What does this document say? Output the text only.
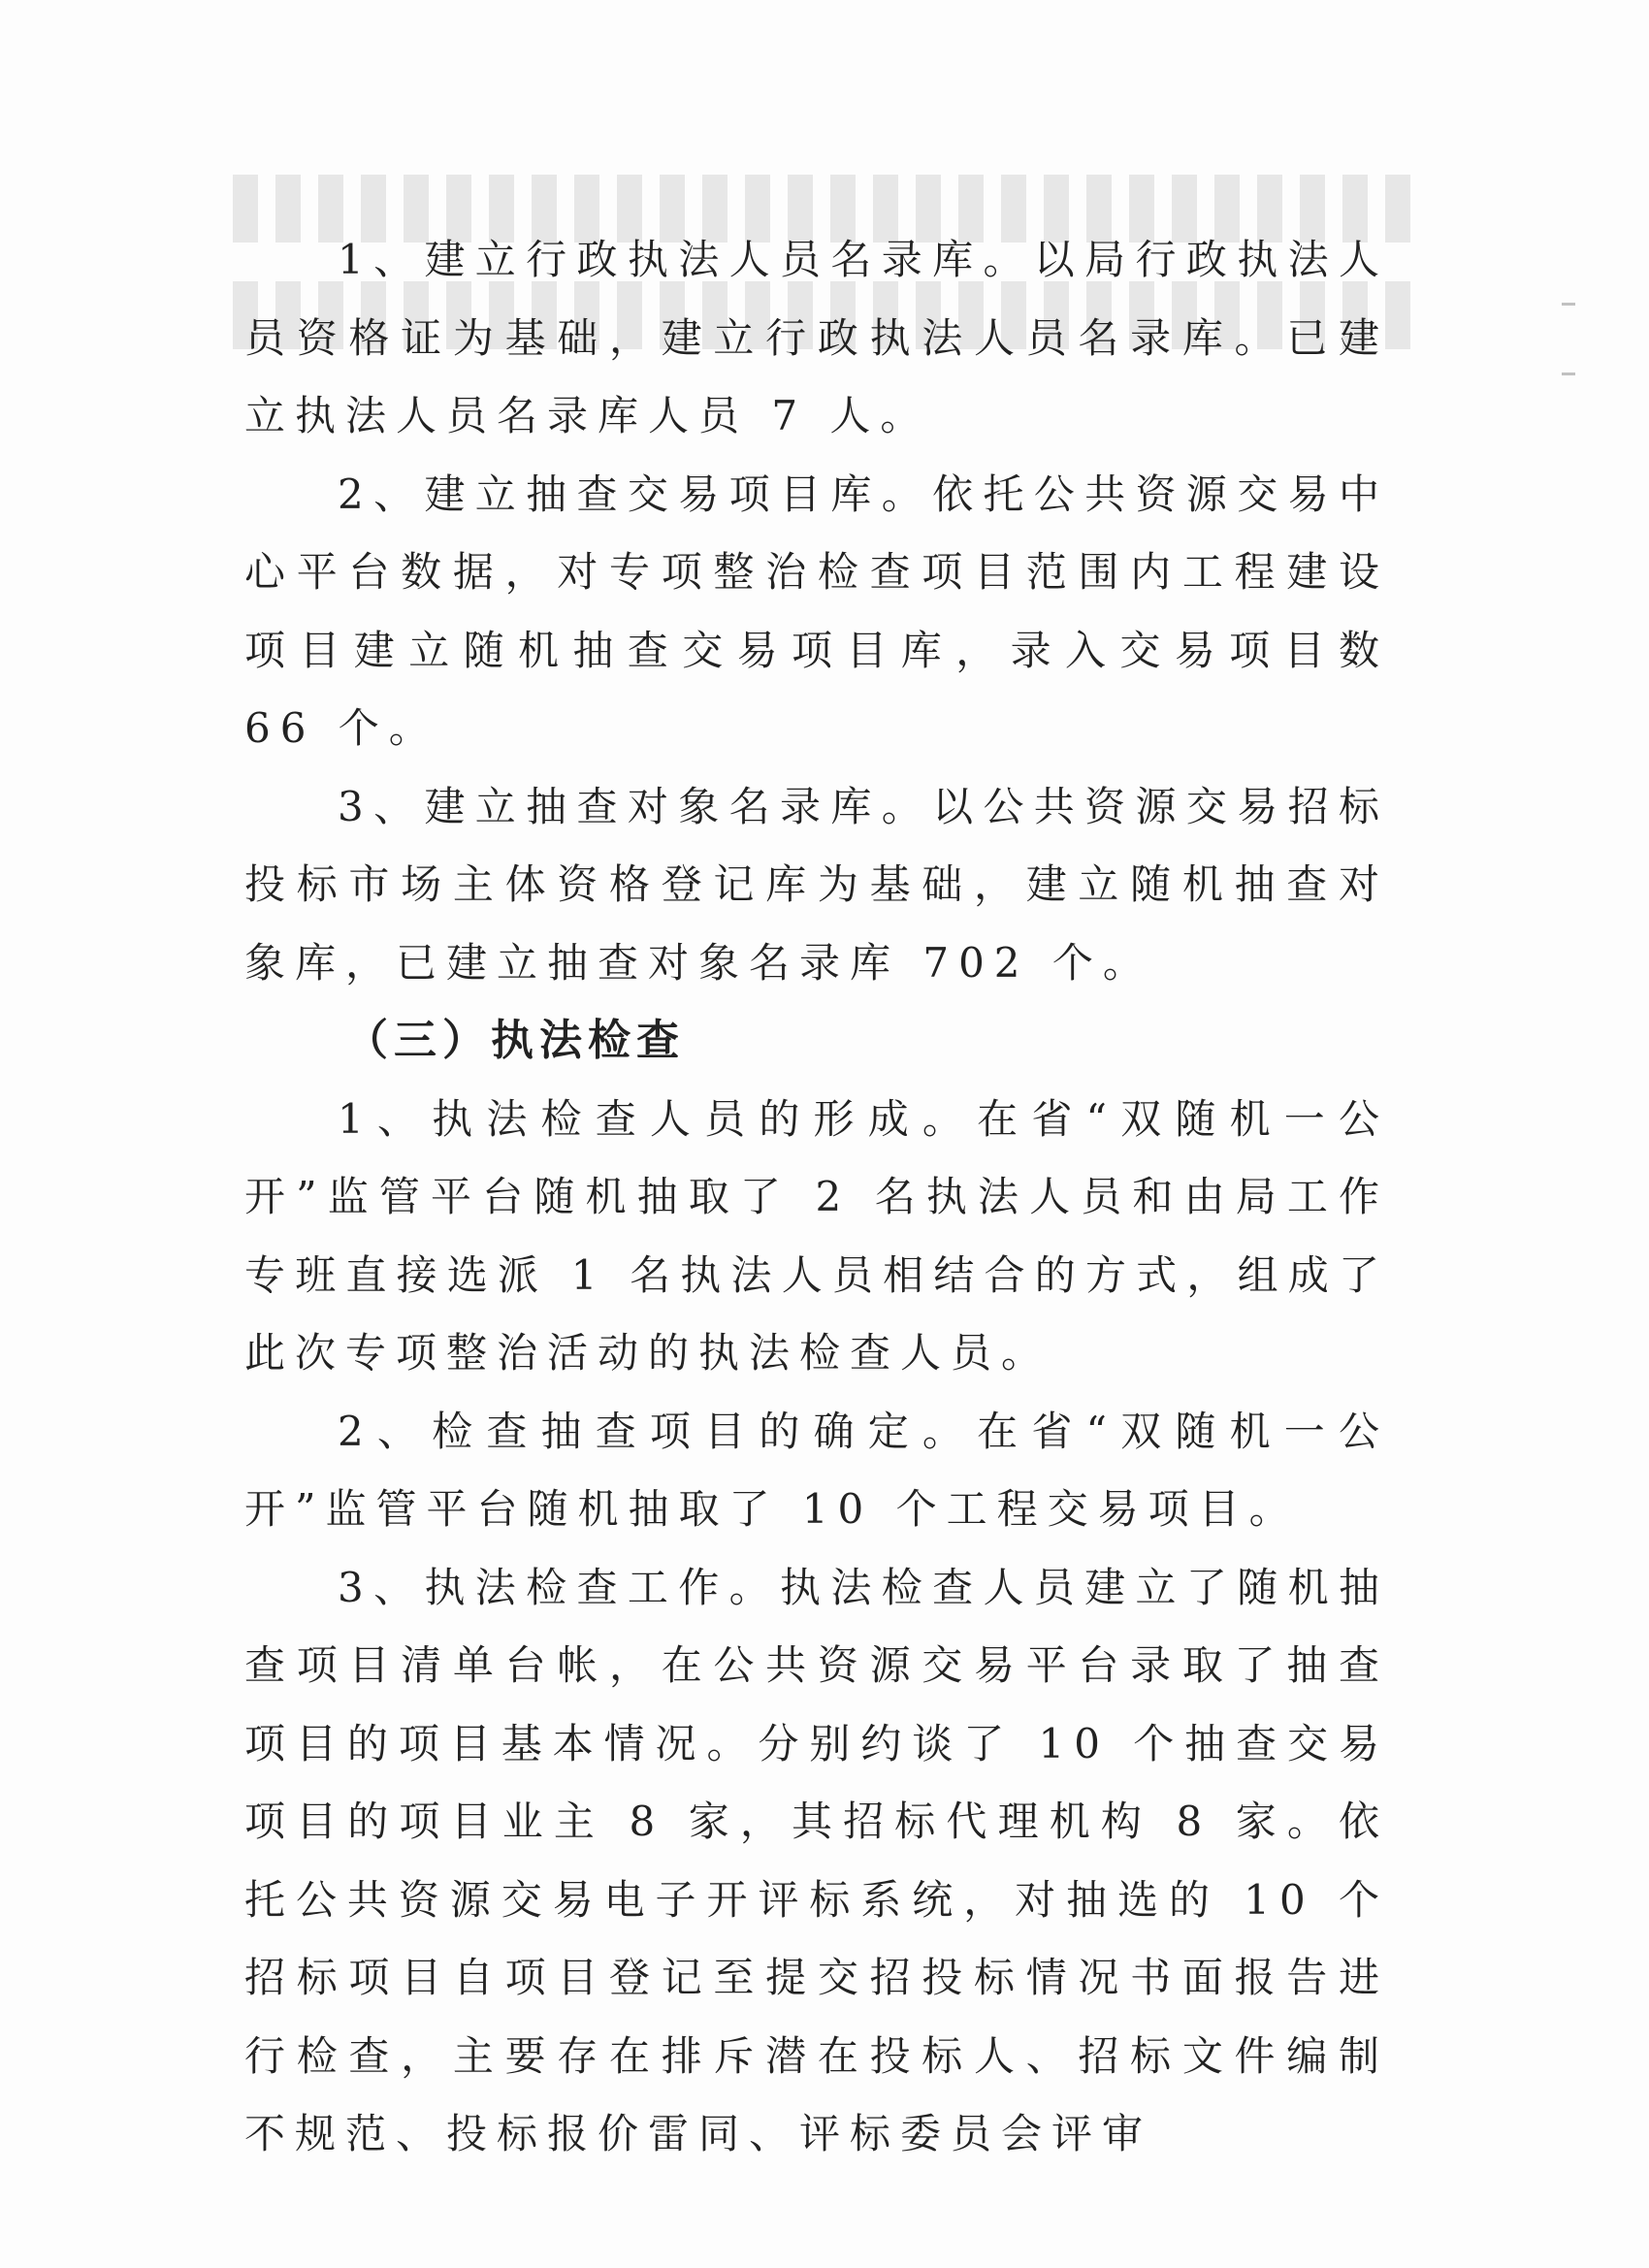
1、建立行政执法人员名录库。以局行政执法人员资格证为基础，建立行政执法人员名录库。已建立执法人员名录库人员 7 人。

2、建立抽查交易项目库。依托公共资源交易中心平台数据，对专项整治检查项目范围内工程建设项目建立随机抽查交易项目库，录入交易项目数 66 个。

3、建立抽查对象名录库。以公共资源交易招标投标市场主体资格登记库为基础，建立随机抽查对象库，已建立抽查对象名录库 702 个。

（三）执法检查

1、执法检查人员的形成。在省“双随机一公开”监管平台随机抽取了 2 名执法人员和由局工作专班直接选派 1 名执法人员相结合的方式，组成了此次专项整治活动的执法检查人员。

2、检查抽查项目的确定。在省“双随机一公开”监管平台随机抽取了 10 个工程交易项目。

3、执法检查工作。执法检查人员建立了随机抽查项目清单台帐，在公共资源交易平台录取了抽查项目的项目基本情况。分别约谈了 10 个抽查交易项目的项目业主 8 家，其招标代理机构 8 家。依托公共资源交易电子开评标系统，对抽选的 10 个招标项目自项目登记至提交招投标情况书面报告进行检查，主要存在排斥潜在投标人、招标文件编制不规范、投标报价雷同、评标委员会评审
